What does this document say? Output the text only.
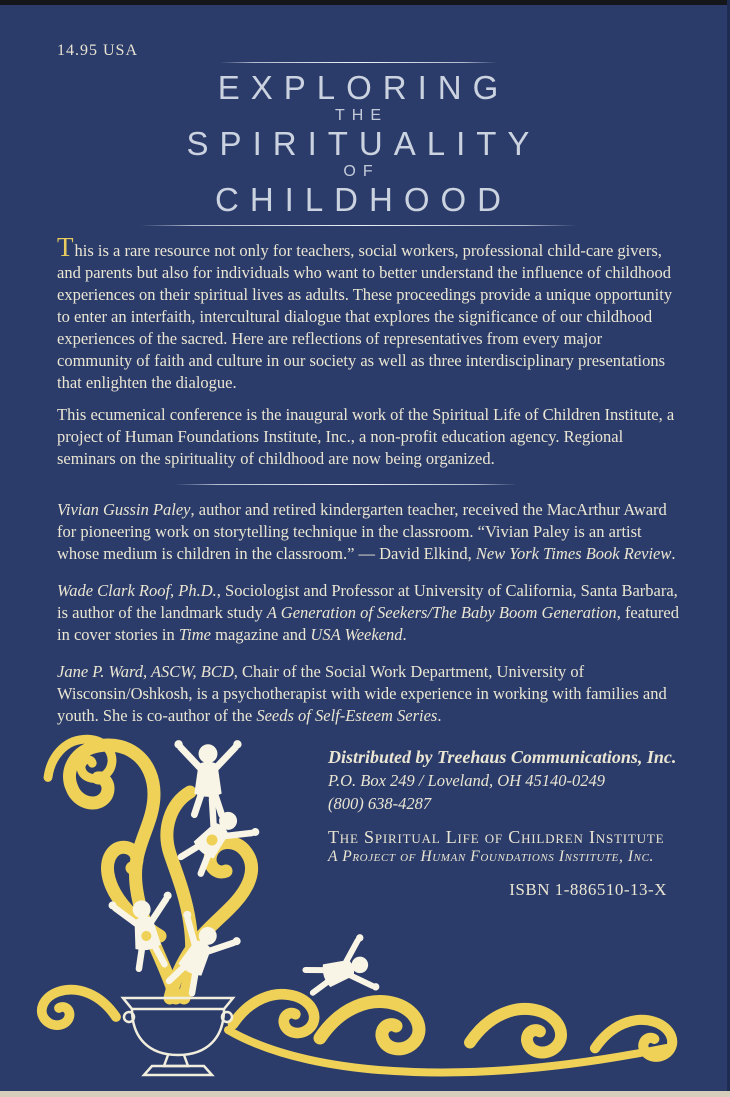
14.95 USA
EXPLORING
THE
SPIRITUALITY
OF
CHILDHOOD

This is a rare resource not only for teachers, social workers, professional child-care givers, and parents but also for individuals who want to better understand the influence of childhood experiences on their spiritual lives as adults. These proceedings provide a unique opportunity to enter an interfaith, intercultural dialogue that explores the significance of our childhood experiences of the sacred. Here are reflections of representatives from every major community of faith and culture in our society as well as three interdisciplinary presentations that enlighten the dialogue.

This ecumenical conference is the inaugural work of the Spiritual Life of Children Institute, a project of Human Foundations Institute, Inc., a non-profit education agency. Regional seminars on the spirituality of childhood are now being organized.

Vivian Gussin Paley, author and retired kindergarten teacher, received the MacArthur Award for pioneering work on storytelling technique in the classroom. “Vivian Paley is an artist whose medium is children in the classroom.” — David Elkind, New York Times Book Review.

Wade Clark Roof, Ph.D., Sociologist and Professor at University of California, Santa Barbara, is author of the landmark study A Generation of Seekers/The Baby Boom Generation, featured in cover stories in Time magazine and USA Weekend.

Jane P. Ward, ASCW, BCD, Chair of the Social Work Department, University of Wisconsin/Oshkosh, is a psychotherapist with wide experience in working with families and youth. She is co-author of the Seeds of Self-Esteem Series.

Distributed by Treehaus Communications, Inc.
P.O. Box 249 / Loveland, OH 45140-0249
(800) 638-4287
The Spiritual Life of Children Institute
A Project of Human Foundations Institute, Inc.
ISBN 1-886510-13-X
